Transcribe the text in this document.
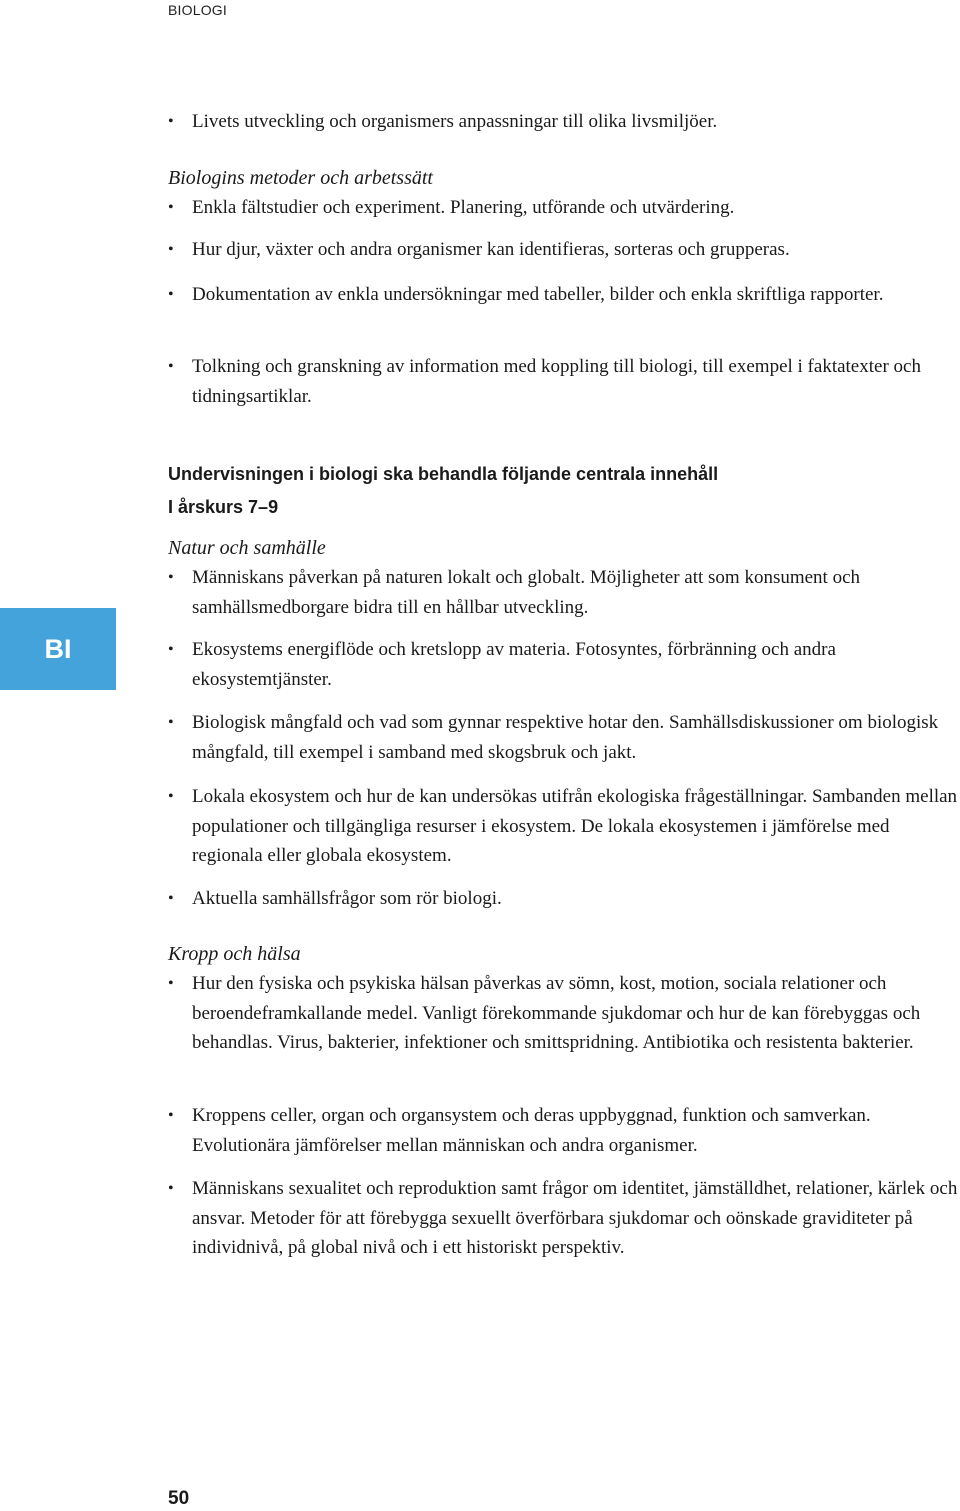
BIOLOGI
BI
• Livets utveckling och organismers anpassningar till olika livsmiljöer.
Biologins metoder och arbetssätt
• Enkla fältstudier och experiment. Planering, utförande och utvärdering.
• Hur djur, växter och andra organismer kan identifieras, sorteras och grupperas.
• Dokumentation av enkla undersökningar med tabeller, bilder och enkla skriftliga rapporter.
• Tolkning och granskning av information med koppling till biologi, till exempel i faktatexter och tidningsartiklar.
Undervisningen i biologi ska behandla följande centrala innehåll
I årskurs 7–9
Natur och samhälle
• Människans påverkan på naturen lokalt och globalt. Möjligheter att som konsument och samhällsmedborgare bidra till en hållbar utveckling.
• Ekosystems energiflöde och kretslopp av materia. Fotosyntes, förbränning och andra ekosystemtjänster.
• Biologisk mångfald och vad som gynnar respektive hotar den. Samhällsdiskussioner om biologisk mångfald, till exempel i samband med skogsbruk och jakt.
• Lokala ekosystem och hur de kan undersökas utifrån ekologiska frågeställningar. Sambanden mellan populationer och tillgängliga resurser i ekosystem. De lokala ekosystemen i jämförelse med regionala eller globala ekosystem.
• Aktuella samhällsfrågor som rör biologi.
Kropp och hälsa
• Hur den fysiska och psykiska hälsan påverkas av sömn, kost, motion, sociala relationer och beroendeframkallande medel. Vanligt förekommande sjukdomar och hur de kan förebyggas och behandlas. Virus, bakterier, infektioner och smittspridning. Antibiotika och resistenta bakterier.
• Kroppens celler, organ och organsystem och deras uppbyggnad, funktion och samverkan. Evolutionära jämförelser mellan människan och andra organismer.
• Människans sexualitet och reproduktion samt frågor om identitet, jämställdhet, relationer, kärlek och ansvar. Metoder för att förebygga sexuellt överförbara sjukdomar och oönskade graviditeter på individnivå, på global nivå och i ett historiskt perspektiv.
50
